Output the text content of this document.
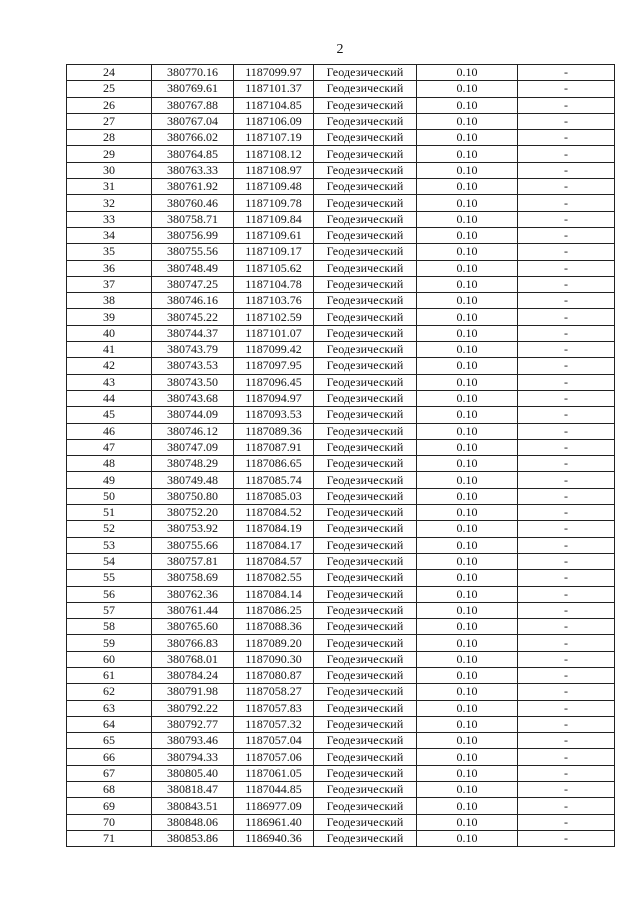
2
24	380770.16	1187099.97	Геодезический	0.10	-
25	380769.61	1187101.37	Геодезический	0.10	-
26	380767.88	1187104.85	Геодезический	0.10	-
27	380767.04	1187106.09	Геодезический	0.10	-
28	380766.02	1187107.19	Геодезический	0.10	-
29	380764.85	1187108.12	Геодезический	0.10	-
30	380763.33	1187108.97	Геодезический	0.10	-
31	380761.92	1187109.48	Геодезический	0.10	-
32	380760.46	1187109.78	Геодезический	0.10	-
33	380758.71	1187109.84	Геодезический	0.10	-
34	380756.99	1187109.61	Геодезический	0.10	-
35	380755.56	1187109.17	Геодезический	0.10	-
36	380748.49	1187105.62	Геодезический	0.10	-
37	380747.25	1187104.78	Геодезический	0.10	-
38	380746.16	1187103.76	Геодезический	0.10	-
39	380745.22	1187102.59	Геодезический	0.10	-
40	380744.37	1187101.07	Геодезический	0.10	-
41	380743.79	1187099.42	Геодезический	0.10	-
42	380743.53	1187097.95	Геодезический	0.10	-
43	380743.50	1187096.45	Геодезический	0.10	-
44	380743.68	1187094.97	Геодезический	0.10	-
45	380744.09	1187093.53	Геодезический	0.10	-
46	380746.12	1187089.36	Геодезический	0.10	-
47	380747.09	1187087.91	Геодезический	0.10	-
48	380748.29	1187086.65	Геодезический	0.10	-
49	380749.48	1187085.74	Геодезический	0.10	-
50	380750.80	1187085.03	Геодезический	0.10	-
51	380752.20	1187084.52	Геодезический	0.10	-
52	380753.92	1187084.19	Геодезический	0.10	-
53	380755.66	1187084.17	Геодезический	0.10	-
54	380757.81	1187084.57	Геодезический	0.10	-
55	380758.69	1187082.55	Геодезический	0.10	-
56	380762.36	1187084.14	Геодезический	0.10	-
57	380761.44	1187086.25	Геодезический	0.10	-
58	380765.60	1187088.36	Геодезический	0.10	-
59	380766.83	1187089.20	Геодезический	0.10	-
60	380768.01	1187090.30	Геодезический	0.10	-
61	380784.24	1187080.87	Геодезический	0.10	-
62	380791.98	1187058.27	Геодезический	0.10	-
63	380792.22	1187057.83	Геодезический	0.10	-
64	380792.77	1187057.32	Геодезический	0.10	-
65	380793.46	1187057.04	Геодезический	0.10	-
66	380794.33	1187057.06	Геодезический	0.10	-
67	380805.40	1187061.05	Геодезический	0.10	-
68	380818.47	1187044.85	Геодезический	0.10	-
69	380843.51	1186977.09	Геодезический	0.10	-
70	380848.06	1186961.40	Геодезический	0.10	-
71	380853.86	1186940.36	Геодезический	0.10	-
